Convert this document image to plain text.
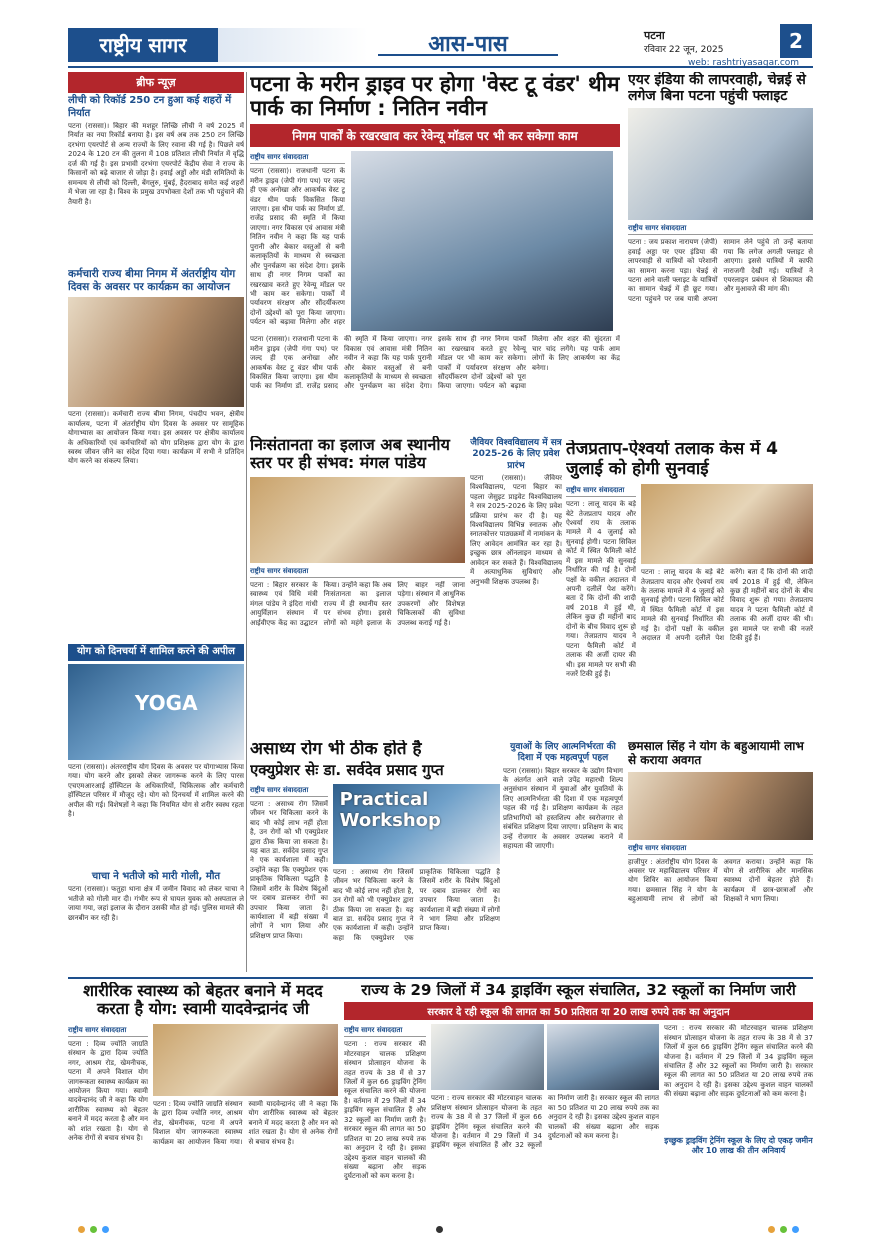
राष्ट्रीय सागर	आस-पास	पटना
रविवार 22 जून, 2025
web: rashtriyasagar.com
2
ब्रीफ न्यूज़
लीची को रिकॉर्ड 250 टन हुआ कई शहरों में निर्यात
पटना (राससा)। बिहार की मशहूर लिच्छि लीची ने वर्ष 2025 में निर्यात का नया रिकॉर्ड बनाया है। इस वर्ष अब तक 250 टन लिच्छि दरभंगा एयरपोर्ट से अन्य राज्यों के लिए रवाना की गई है। पिछले वर्ष 2024 के 120 टन की तुलना में 108 प्रतिशत लीची निर्यात में वृद्धि दर्ज की गई है। इस प्रभावी दरभंगा एयरपोर्ट केंद्रीय सेवा ने राज्य के किसानों को बढ़े बाजार से जोड़ा है। हवाई अड्डों और मंडी समितियों के समन्वय से लीची को दिल्ली, बेंगलुरु, मुंबई, हैदराबाद समेत कई शहरों में भेजा जा रहा है। विश्व के प्रमुख उपभोक्ता देशों तक भी पहुंचाने की तैयारी है।
कर्मचारी राज्य बीमा निगम में अंतर्राष्ट्रीय योग दिवस के अवसर पर कार्यक्रम का आयोजन
पटना (राससा)। कर्मचारी राज्य बीमा निगम, पंचदीप भवन, क्षेत्रीय कार्यालय, पटना में अंतर्राष्ट्रीय योग दिवस के अवसर पर सामूहिक योगाभ्यास का आयोजन किया गया। इस अवसर पर क्षेत्रीय कार्यालय के अधिकारियों एवं कर्मचारियों को योग प्रशिक्षक द्वारा योग के द्वारा स्वस्थ जीवन जीने का संदेश दिया गया। कार्यक्रम में सभी ने प्रतिदिन योग करने का संकल्प लिया।
योग को दिनचर्या में शामिल करने की अपील
YOGA
पटना (राससा)। अंतरराष्ट्रीय योग दिवस के अवसर पर योगाभ्यास किया गया। योग करने और इसको लेकर जागरूक करने के लिए पारस एचएमआरआई हॉस्पिटल के अधिकारियों, चिकित्सक और कर्मचारी हॉस्पिटल परिसर में मौजूद रहे। योग को दिनचर्या में शामिल करने की अपील की गई। विशेषज्ञों ने कहा कि नियमित योग से शरीर स्वस्थ रहता है।
चाचा ने भतीजे को मारी गोली, मौत
पटना (राससा)। फतुहा थाना क्षेत्र में जमीन विवाद को लेकर चाचा ने भतीजे को गोली मार दी। गंभीर रूप से घायल युवक को अस्पताल ले जाया गया, जहां इलाज के दौरान उसकी मौत हो गई। पुलिस मामले की छानबीन कर रही है।
पटना के मरीन ड्राइव पर होगा 'वेस्ट टू वंडर' थीम पार्क का निर्माण : नितिन नवीन
निगम पार्कों के रखरखाव कर रेवेन्यू मॉडल पर भी कर सकेगा काम
राष्ट्रीय सागर संवाददाता
पटना (राससा)। राजधानी पटना के मरीन ड्राइव (जेपी गंगा पथ) पर जल्द ही एक अनोखा और आकर्षक वेस्ट टू वंडर थीम पार्क विकसित किया जाएगा। इस थीम पार्क का निर्माण डॉ. राजेंद्र प्रसाद की स्मृति में किया जाएगा। नगर विकास एवं आवास मंत्री नितिन नवीन ने कहा कि यह पार्क पुरानी और बेकार वस्तुओं से बनी कलाकृतियों के माध्यम से स्वच्छता और पुनर्चक्रण का संदेश देगा। इसके साथ ही नगर निगम पार्कों का रखरखाव करते हुए रेवेन्यू मॉडल पर भी काम कर सकेगा। पार्कों में पर्यावरण संरक्षण और सौंदर्यीकरण दोनों उद्देश्यों को पूरा किया जाएगा। पर्यटन को बढ़ावा मिलेगा और शहर
पटना (राससा)। राजधानी पटना के मरीन ड्राइव (जेपी गंगा पथ) पर जल्द ही एक अनोखा और आकर्षक वेस्ट टू वंडर थीम पार्क विकसित किया जाएगा। इस थीम पार्क का निर्माण डॉ. राजेंद्र प्रसाद की स्मृति में किया जाएगा। नगर विकास एवं आवास मंत्री नितिन नवीन ने कहा कि यह पार्क पुरानी और बेकार वस्तुओं से बनी कलाकृतियों के माध्यम से स्वच्छता और पुनर्चक्रण का संदेश देगा। इसके साथ ही नगर निगम पार्कों का रखरखाव करते हुए रेवेन्यू मॉडल पर भी काम कर सकेगा। पार्कों में पर्यावरण संरक्षण और सौंदर्यीकरण दोनों उद्देश्यों को पूरा किया जाएगा। पर्यटन को बढ़ावा मिलेगा और शहर की सुंदरता में चार चांद लगेंगे। यह पार्क आम लोगों के लिए आकर्षण का केंद्र बनेगा।
एयर इंडिया की लापरवाही, चेन्नई से लगेज बिना पटना पहुंची फ्लाइट
राष्ट्रीय सागर संवाददाता
पटना : जय प्रकाश नारायण (जेपी) हवाई अड्डा पर एयर इंडिया की लापरवाही से यात्रियों को परेशानी का सामना करना पड़ा। चेन्नई से पटना आने वाली फ्लाइट के यात्रियों का सामान चेन्नई में ही छूट गया। पटना पहुंचने पर जब यात्री अपना सामान लेने पहुंचे तो उन्हें बताया गया कि लगेज अगली फ्लाइट से आएगा। इससे यात्रियों में काफी नाराजगी देखी गई। यात्रियों ने एयरलाइन प्रबंधन से शिकायत की और मुआवजे की मांग की।
निःसंतानता का इलाज अब स्थानीय स्तर पर ही संभव: मंगल पांडेय
राष्ट्रीय सागर संवाददाता
पटना : बिहार सरकार के स्वास्थ्य एवं विधि मंत्री मंगल पांडेय ने इंदिरा गांधी आयुर्विज्ञान संस्थान में आईवीएफ केंद्र का उद्घाटन किया। उन्होंने कहा कि अब निःसंतानता का इलाज राज्य में ही स्थानीय स्तर पर संभव होगा। इससे लोगों को महंगे इलाज के लिए बाहर नहीं जाना पड़ेगा। संस्थान में आधुनिक उपकरणों और विशेषज्ञ चिकित्सकों की सुविधा उपलब्ध कराई गई है।
जैवियर विश्वविद्यालय में सत्र 2025-26 के लिए प्रवेश प्रारंभ
पटना (राससा)। जैवियर विश्वविद्यालय, पटना बिहार का पहला जेसुइट प्राइवेट विश्वविद्यालय ने सत्र 2025-2026 के लिए प्रवेश प्रक्रिया प्रारंभ कर दी है। यह विश्वविद्यालय विभिन्न स्नातक और स्नातकोत्तर पाठ्यक्रमों में नामांकन के लिए आवेदन आमंत्रित कर रहा है। इच्छुक छात्र ऑनलाइन माध्यम से आवेदन कर सकते हैं। विश्वविद्यालय में अत्याधुनिक सुविधाएं और अनुभवी शिक्षक उपलब्ध हैं।
तेजप्रताप-ऐश्वर्या तलाक केस में 4 जुलाई को होगी सुनवाई
राष्ट्रीय सागर संवाददाता
पटना : लालू यादव के बड़े बेटे तेजप्रताप यादव और ऐश्वर्या राय के तलाक मामले में 4 जुलाई को सुनवाई होगी। पटना सिविल कोर्ट में स्थित फैमिली कोर्ट में इस मामले की सुनवाई निर्धारित की गई है। दोनों पक्षों के वकील अदालत में अपनी दलीलें पेश करेंगे। बता दें कि दोनों की शादी वर्ष 2018 में हुई थी, लेकिन कुछ ही महीनों बाद दोनों के बीच विवाद शुरू हो गया। तेजप्रताप यादव ने पटना फैमिली कोर्ट में तलाक की अर्जी दायर की थी। इस मामले पर सभी की नजरें टिकी हुई हैं।
पटना : लालू यादव के बड़े बेटे तेजप्रताप यादव और ऐश्वर्या राय के तलाक मामले में 4 जुलाई को सुनवाई होगी। पटना सिविल कोर्ट में स्थित फैमिली कोर्ट में इस मामले की सुनवाई निर्धारित की गई है। दोनों पक्षों के वकील अदालत में अपनी दलीलें पेश करेंगे। बता दें कि दोनों की शादी वर्ष 2018 में हुई थी, लेकिन कुछ ही महीनों बाद दोनों के बीच विवाद शुरू हो गया। तेजप्रताप यादव ने पटना फैमिली कोर्ट में तलाक की अर्जी दायर की थी। इस मामले पर सभी की नजरें टिकी हुई हैं।
असाध्य रोग भी ठीक होते है
एक्युप्रेशर सेः डा. सर्वदेव प्रसाद गुप्त
राष्ट्रीय सागर संवाददाता
पटना : असाध्य रोग जिसमें जीवन भर चिकित्सा करने के बाद भी कोई लाभ नहीं होता है, उन रोगों को भी एक्युप्रेशर द्वारा ठीक किया जा सकता है। यह बात डा. सर्वदेव प्रसाद गुप्त ने एक कार्यशाला में कही। उन्होंने कहा कि एक्युप्रेशर एक प्राकृतिक चिकित्सा पद्धति है जिसमें शरीर के विशेष बिंदुओं पर दबाव डालकर रोगों का उपचार किया जाता है। कार्यशाला में बड़ी संख्या में लोगों ने भाग लिया और प्रशिक्षण प्राप्त किया।
Practical Workshop
पटना : असाध्य रोग जिसमें जीवन भर चिकित्सा करने के बाद भी कोई लाभ नहीं होता है, उन रोगों को भी एक्युप्रेशर द्वारा ठीक किया जा सकता है। यह बात डा. सर्वदेव प्रसाद गुप्त ने एक कार्यशाला में कही। उन्होंने कहा कि एक्युप्रेशर एक प्राकृतिक चिकित्सा पद्धति है जिसमें शरीर के विशेष बिंदुओं पर दबाव डालकर रोगों का उपचार किया जाता है। कार्यशाला में बड़ी संख्या में लोगों ने भाग लिया और प्रशिक्षण प्राप्त किया।
युवाओं के लिए आत्मनिर्भरता की दिशा में एक महत्वपूर्ण पहल
पटना (राससा)। बिहार सरकार के उद्योग विभाग के अंतर्गत आने वाले उपेंद्र महारथी शिल्प अनुसंधान संस्थान में युवाओं और युवतियों के लिए आत्मनिर्भरता की दिशा में एक महत्वपूर्ण पहल की गई है। प्रशिक्षण कार्यक्रम के तहत प्रतिभागियों को हस्तशिल्प और स्वरोजगार से संबंधित प्रशिक्षण दिया जाएगा। प्रशिक्षण के बाद उन्हें रोजगार के अवसर उपलब्ध कराने में सहायता की जाएगी।
छमसाल सिंह ने योग के बहुआयामी लाभ से कराया अवगत
राष्ट्रीय सागर संवाददाता
हाजीपुर : अंतर्राष्ट्रीय योग दिवस के अवसर पर महाविद्यालय परिसर में योग शिविर का आयोजन किया गया। छमसाल सिंह ने योग के बहुआयामी लाभ से लोगों को अवगत कराया। उन्होंने कहा कि योग से शारीरिक और मानसिक स्वास्थ्य दोनों बेहतर होते हैं। कार्यक्रम में छात्र-छात्राओं और शिक्षकों ने भाग लिया।
शारीरिक स्वास्थ्य को बेहतर बनाने में मदद करता है योग: स्वामी यादवेन्द्रानंद जी
राष्ट्रीय सागर संवाददाता
पटना : दिव्य ज्योति जाग्रति संस्थान के द्वारा दिव्य ज्योति नगर, आश्रम रोड, खेमनीचक, पटना में अपने विशाल योग जागरूकता स्वास्थ्य कार्यक्रम का आयोजन किया गया। स्वामी यादवेन्द्रानंद जी ने कहा कि योग शारीरिक स्वास्थ्य को बेहतर बनाने में मदद करता है और मन को शांत रखता है। योग से अनेक रोगों से बचाव संभव है।
पटना : दिव्य ज्योति जाग्रति संस्थान के द्वारा दिव्य ज्योति नगर, आश्रम रोड, खेमनीचक, पटना में अपने विशाल योग जागरूकता स्वास्थ्य कार्यक्रम का आयोजन किया गया। स्वामी यादवेन्द्रानंद जी ने कहा कि योग शारीरिक स्वास्थ्य को बेहतर बनाने में मदद करता है और मन को शांत रखता है। योग से अनेक रोगों से बचाव संभव है।
राज्य के 29 जिलों में 34 ड्राइविंग स्कूल संचालित, 32 स्कूलों का निर्माण जारी
सरकार दे रही स्कूल की लागत का 50 प्रतिशत या 20 लाख रुपये तक का अनुदान
राष्ट्रीय सागर संवाददाता
पटना : राज्य सरकार की मोटरवाहन चालक प्रशिक्षण संस्थान प्रोत्साहन योजना के तहत राज्य के 38 में से 37 जिलों में कुल 66 ड्राइविंग ट्रेनिंग स्कूल संचालित करने की योजना है। वर्तमान में 29 जिलों में 34 ड्राइविंग स्कूल संचालित हैं और 32 स्कूलों का निर्माण जारी है। सरकार स्कूल की लागत का 50 प्रतिशत या 20 लाख रुपये तक का अनुदान दे रही है। इसका उद्देश्य कुशल वाहन चालकों की संख्या बढ़ाना और सड़क दुर्घटनाओं को कम करना है।
पटना : राज्य सरकार की मोटरवाहन चालक प्रशिक्षण संस्थान प्रोत्साहन योजना के तहत राज्य के 38 में से 37 जिलों में कुल 66 ड्राइविंग ट्रेनिंग स्कूल संचालित करने की योजना है। वर्तमान में 29 जिलों में 34 ड्राइविंग स्कूल संचालित हैं और 32 स्कूलों का निर्माण जारी है। सरकार स्कूल की लागत का 50 प्रतिशत या 20 लाख रुपये तक का अनुदान दे रही है। इसका उद्देश्य कुशल वाहन चालकों की संख्या बढ़ाना और सड़क दुर्घटनाओं को कम करना है।
पटना : राज्य सरकार की मोटरवाहन चालक प्रशिक्षण संस्थान प्रोत्साहन योजना के तहत राज्य के 38 में से 37 जिलों में कुल 66 ड्राइविंग ट्रेनिंग स्कूल संचालित करने की योजना है। वर्तमान में 29 जिलों में 34 ड्राइविंग स्कूल संचालित हैं और 32 स्कूलों का निर्माण जारी है। सरकार स्कूल की लागत का 50 प्रतिशत या 20 लाख रुपये तक का अनुदान दे रही है। इसका उद्देश्य कुशल वाहन चालकों की संख्या बढ़ाना और सड़क दुर्घटनाओं को कम करना है।
इच्छुक ड्राइविंग ट्रेनिंग स्कूल के लिए दो एकड़ जमीन और 10 लाख की तीन अनिवार्य
